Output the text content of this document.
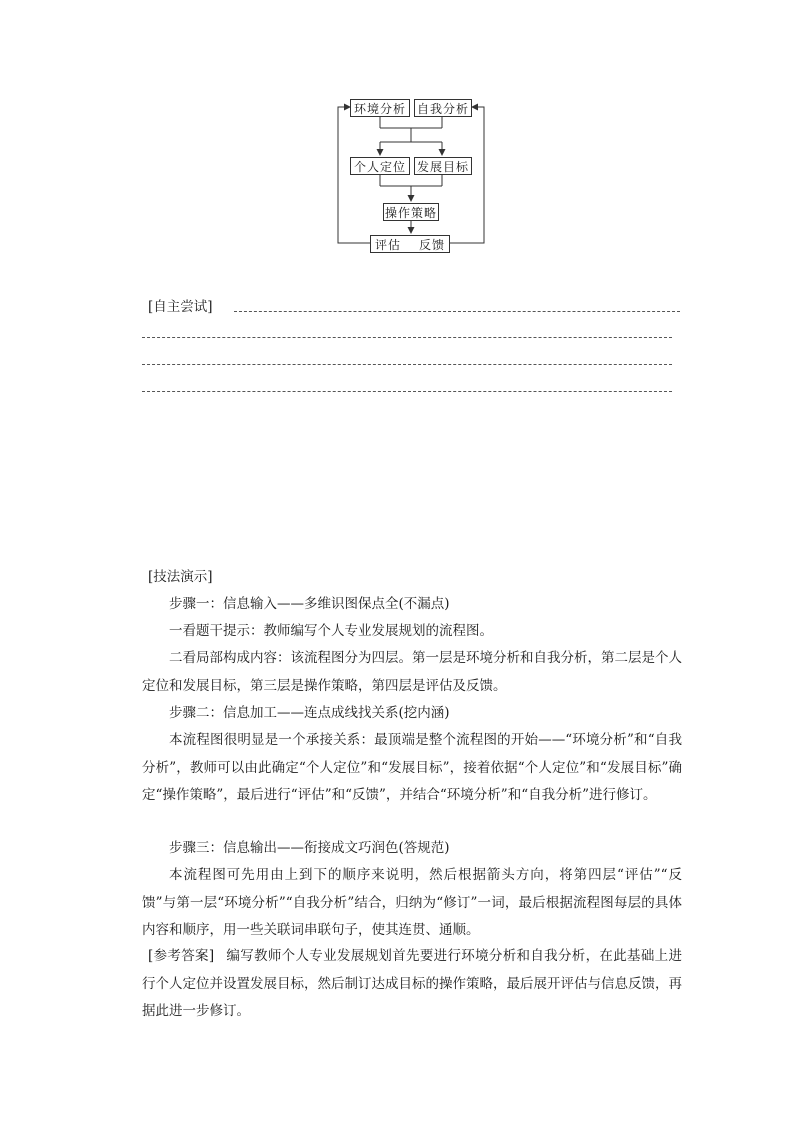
环境分析 自我分析
个人定位 发展目标
操作策略
评估 反馈
[自主尝试]

[技法演示]

步骤一：信息输入——多维识图保点全(不漏点)

一看题干提示：教师编写个人专业发展规划的流程图。

二看局部构成内容：该流程图分为四层。第一层是环境分析和自我分析，第二层是个人定位和发展目标，第三层是操作策略，第四层是评估及反馈。

步骤二：信息加工——连点成线找关系(挖内涵)

本流程图很明显是一个承接关系：最顶端是整个流程图的开始——“环境分析”和“自我分析”，教师可以由此确定“个人定位”和“发展目标”，接着依据“个人定位”和“发展目标”确定“操作策略”，最后进行“评估”和“反馈”，并结合“环境分析”和“自我分析”进行修订。

步骤三：信息输出——衔接成文巧润色(答规范)

本流程图可先用由上到下的顺序来说明，然后根据箭头方向，将第四层“评估”“反馈”与第一层“环境分析”“自我分析”结合，归纳为“修订”一词，最后根据流程图每层的具体内容和顺序，用一些关联词串联句子，使其连贯、通顺。

[参考答案] 编写教师个人专业发展规划首先要进行环境分析和自我分析，在此基础上进行个人定位并设置发展目标，然后制订达成目标的操作策略，最后展开评估与信息反馈，再据此进一步修订。
